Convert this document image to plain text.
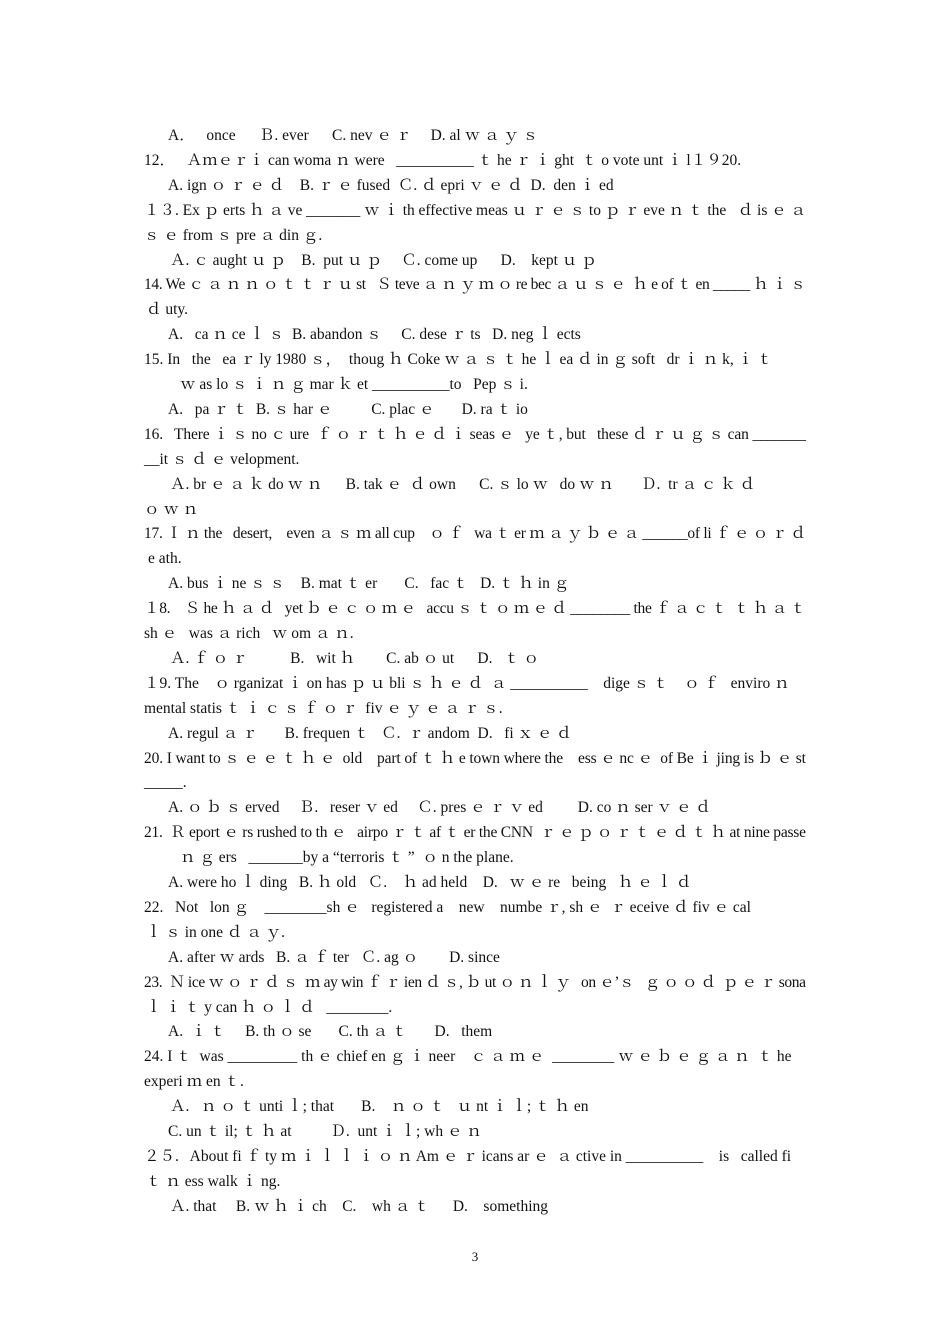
A．   once      Ｂ. ever      C. nev ｅ ｒ     D. al ｗ ａ ｙ ｓ
12．   Ａｍｅｒｉ can woma ｎ were   __________ ｔ he ｒ ｉ ght  ｔ o vote unt ｉ l１９20.
A. ign ｏ ｒ ｅ ｄ    B. ｒ ｅ fused  Ｃ. ｄ epri ｖ ｅ ｄ  D.  den ｉ ed
１３. Ex ｐ erts ｈ ａ ve _______ ｗ ｉ th effective meas ｕ ｒ ｅ ｓ to ｐ ｒ eve ｎ ｔ the   ｄ is ｅ ａ
ｓ ｅ from ｓ pre ａ din ｇ.
Ａ. ｃ aught ｕ ｐ    B.  put ｕ ｐ     Ｃ. come up      D.    kept ｕ ｐ
14. We ｃ ａ ｎ ｎ ｏ ｔ ｔ ｒ ｕ st   Ｓ teve ａ ｎ ｙ ｍ ｏ re bec ａ ｕ ｓ ｅ  ｈ e of ｔ en _____ ｈ ｉ ｓ
ｄ uty.
A.   ca ｎ ce ｌ ｓ  B. abandon ｓ     C. dese ｒ ts   D. neg ｌ ects
15. In   the   ea ｒ ly 1980 ｓ，  thoug ｈ Coke ｗ ａ ｓ ｔ he ｌ ea ｄ in ｇ soft   dr ｉ ｎ k, ｉ ｔ
ｗ as lo ｓ ｉ ｎ ｇ mar ｋ et __________to   Pep ｓ i.
A.   pa ｒ ｔ  B. ｓ har ｅ          C. plac ｅ       D. ra ｔ io
16.   There ｉ ｓ no ｃ ure  ｆ ｏ ｒ ｔ ｈ ｅ ｄ ｉ seas ｅ   ye ｔ, but   these ｄ ｒ ｕ ｇ ｓ can _______
__it ｓ ｄ ｅ velopment.
Ａ. br ｅ ａ ｋ do ｗ ｎ      B. tak ｅ  ｄ own      C. ｓ lo ｗ   do ｗ ｎ       Ｄ.  tr ａ ｃ ｋ ｄ
ｏ ｗ ｎ
17. Ｉ ｎ the   desert,    even ａ ｓ ｍ all cup    ｏ ｆ   wa ｔ er ｍ ａ ｙ ｂ ｅ ａ ______of li ｆ ｅ ｏ ｒ ｄ
e ath.
A. bus ｉ ne ｓ ｓ    B. mat ｔ er       C.   fac ｔ   D. ｔ ｈ in ｇ
１8.    Ｓ he ｈ ａ ｄ   yet ｂ ｅ ｃ ｏ ｍ ｅ   accu ｓ ｔ ｏ ｍ ｅ ｄ ________ the ｆ ａ ｃ ｔ  ｔ ｈ ａ ｔ
sh ｅ   was ａ rich   ｗ om ａ ｎ.
Ａ. ｆ ｏ ｒ           B.   wit ｈ        C. ab ｏ ut      D.   ｔ ｏ
１9. The    ｏ rganizat ｉ on has ｐ ｕ bli ｓ ｈ ｅ ｄ  ａ __________    dige ｓ ｔ    ｏ ｆ   enviro ｎ
mental statis ｔ ｉ ｃ ｓ ｆ ｏ ｒ  fiv ｅ ｙ ｅ ａ ｒ ｓ.
A. regul ａ ｒ       B. frequen ｔ   Ｃ.  ｒ andom  D.   fi ｘ ｅ ｄ
20. I want to ｓ ｅ ｅ ｔ ｈ ｅ  old    part of ｔ ｈ e town where the    ess ｅ nc ｅ  of Be ｉ jing is ｂ ｅ st
_____.
A. ｏ ｂ ｓ erved     Ｂ.   reser ｖ ed     Ｃ. pres ｅ ｒ ｖ ed         D. co ｎ ser ｖ ｅ ｄ
21.  Ｒ eport ｅ rs rushed to th ｅ   airpo ｒ ｔ af ｔ er the CNN  ｒ ｅ ｐ ｏ ｒ ｔ ｅ ｄ ｔ ｈ at nine passe
ｎ ｇ ers   _______by a “terroris ｔ ”  ｏ n the plane.
A. were ho ｌ ding   B. ｈ old   Ｃ.    ｈ ad held    D.   ｗ ｅ re   being   ｈ ｅ ｌ ｄ
22.   Not   lon ｇ    ________sh ｅ   registered a    new    numbe ｒ, sh ｅ  ｒ eceive ｄ fiv ｅ cal
ｌ ｓ in one ｄ ａ ｙ.
A. after ｗ ards   B. ａ ｆ ter   Ｃ. ag ｏ        D. since
23.  Ｎ ice ｗ ｏ ｒ ｄ ｓ  ｍ ay win ｆ ｒ ien ｄ ｓ, ｂ ut ｏ ｎ ｌ ｙ   on ｅ’ｓ   ｇ ｏ ｏ ｄ  ｐ ｅ ｒ sona
ｌ ｉ ｔ y can ｈ ｏ ｌ ｄ   ________.
A.  ｉ ｔ     B. th ｏ se       C. th ａ ｔ       D.   them
24. I ｔ  was _________ th ｅ chief en ｇ ｉ neer    ｃ ａ ｍ ｅ  ________ ｗ ｅ ｂ ｅ ｇ ａ ｎ  ｔ he
experi ｍ en ｔ.
Ａ.   ｎ ｏ ｔ unti ｌ; that       B.    ｎ ｏ ｔ   ｕ nt ｉ ｌ; ｔ ｈ en
C. un ｔ il; ｔ ｈ at          Ｄ.  unt ｉ ｌ; wh ｅ ｎ
２５.   About fi ｆ ty ｍ ｉ ｌ ｌ ｉ ｏ ｎ Am ｅ ｒ icans ar ｅ  ａ ctive in __________    is   called fi
ｔ ｎ ess walk ｉ ng.
Ａ. that     B. ｗ ｈ ｉ ch    C.    wh ａ ｔ      D.    something
3
